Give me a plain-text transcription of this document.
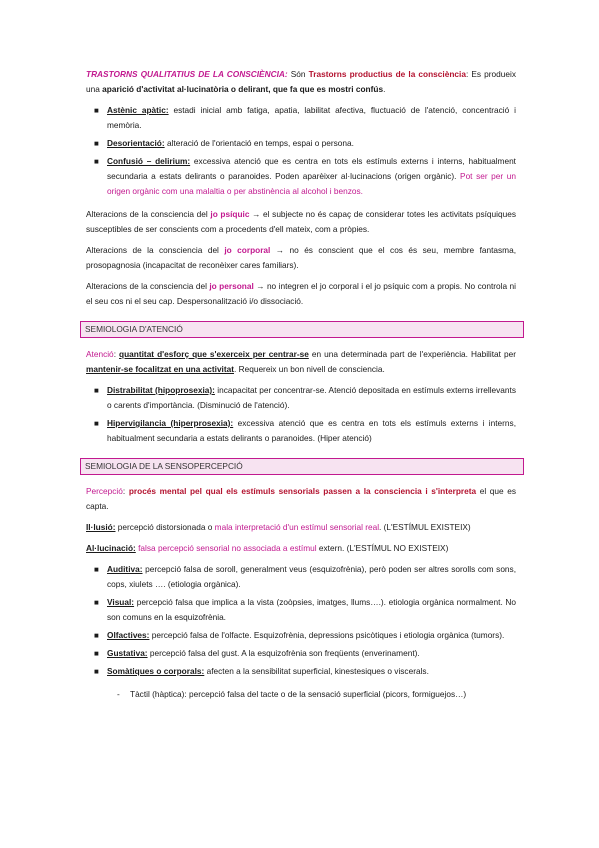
TRASTORNS QUALITATIUS DE LA CONSCIÈNCIA: Són Trastorns productius de la consciència: Es produeix una aparició d'activitat al·lucinatòria o delirant, que fa que es mostri confús.

■ Astènic apàtic: estadi inicial amb fatiga, apatia, labilitat afectiva, fluctuació de l'atenció, concentració i memòria.
■ Desorientació: alteració de l'orientació en temps, espai o persona.
■ Confusió – delirium: excessiva atenció que es centra en tots els estímuls externs i interns, habitualment secundaria a estats delirants o paranoides. Poden aparèixer al·lucinacions (origen orgànic). Pot ser per un origen orgànic com una malaltia o per abstinència al alcohol i benzos.

Alteracions de la consciencia del jo psíquic → el subjecte no és capaç de considerar totes les activitats psíquiques susceptibles de ser conscients com a procedents d'ell mateix, com a pròpies.

Alteracions de la consciencia del jo corporal → no és conscient que el cos és seu, membre fantasma, prosopagnosia (incapacitat de reconèixer cares familiars).

Alteracions de la consciencia del jo personal → no integren el jo corporal i el jo psíquic com a propis. No controla ni el seu cos ni el seu cap. Despersonalització i/o dissociació.

SEMIOLOGIA D'ATENCIÓ

Atenció: quantitat d'esforç que s'exerceix per centrar-se en una determinada part de l'experiència. Habilitat per mantenir-se focalitzat en una activitat. Requereix un bon nivell de consciencia.

■ Distrabilitat (hipoprosexia): incapacitat per concentrar-se. Atenció depositada en estímuls externs irrellevants o carents d'importància. (Disminució de l'atenció).
■ Hipervigilancia (hiperprosexia): excessiva atenció que es centra en tots els estímuls externs i interns, habitualment secundaria a estats delirants o paranoides. (Hiper atenció)
SEMIOLOGIA DE LA SENSOPERCEPCIÓ

Percepció: procés mental pel qual els estímuls sensorials passen a la consciencia i s'interpreta el que es capta.

Il·lusió: percepció distorsionada o mala interpretació d'un estímul sensorial real. (L'ESTÍMUL EXISTEIX)

Al·lucinació: falsa percepció sensorial no associada a estímul extern. (L'ESTÍMUL NO EXISTEIX)

■ Auditiva: percepció falsa de soroll, generalment veus (esquizofrènia), però poden ser altres sorolls com sons, cops, xiulets …. (etiologia orgànica).
■ Visual: percepció falsa que implica a la vista (zoòpsies, imatges, llums….). etiologia orgànica normalment. No son comuns en la esquizofrènia.
■ Olfactives: percepció falsa de l'olfacte. Esquizofrènia, depressions psicòtiques i etiologia orgànica (tumors).
■ Gustativa: percepció falsa del gust. A la esquizofrènia son freqüents (enverinament).
■ Somàtiques o corporals: afecten a la sensibilitat superficial, kinestesiques o viscerals.
- Tàctil (hàptica): percepció falsa del tacte o de la sensació superficial (picors, formiguejos…)
